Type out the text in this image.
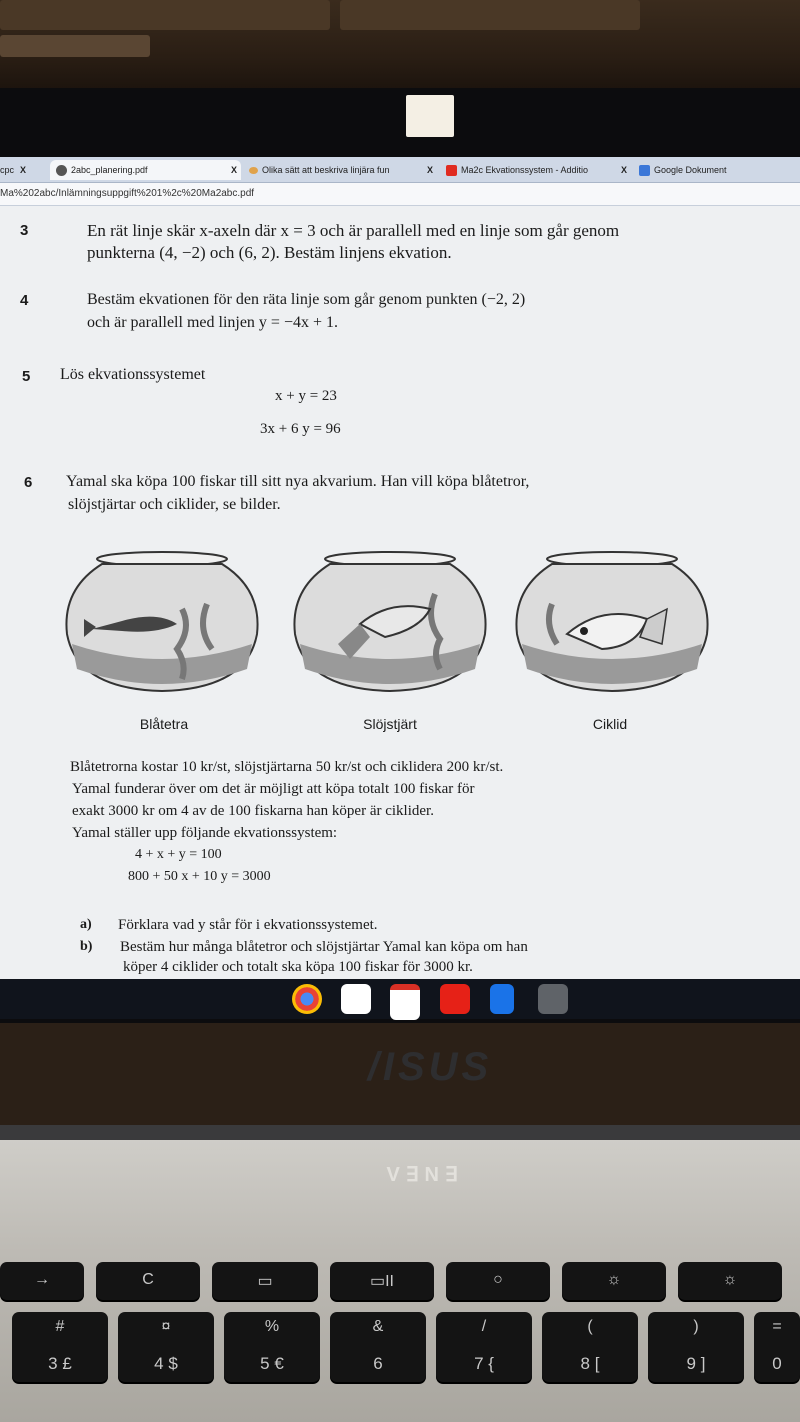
cpc X	2abc_planering.pdf	X	Olika sätt att beskriva linjära fun	X	Ma2c Ekvationssystem - Additio	X	Google Dokument
Ma%202abc/Inlämningsuppgift%201%2c%20Ma2abc.pdf
3	En rät linje skär x-axeln där x = 3 och är parallell med en linje som går genom
punkterna (4, −2) och (6, 2). Bestäm linjens ekvation.
4	Bestäm ekvationen för den räta linje som går genom punkten (−2, 2)
och är parallell med linjen y = −4x + 1.
5 Lös ekvationssystemet
x + y = 23
3x + 6 y = 96
6 Yamal ska köpa 100 fiskar till sitt nya akvarium. Han vill köpa blåtetror,
slöjstjärtar och ciklider, se bilder.
Blåtetra	Slöjstjärt	Ciklid
Blåtetrorna kostar 10 kr/st, slöjstjärtarna 50 kr/st och ciklidera 200 kr/st.
Yamal funderar över om det är möjligt att köpa totalt 100 fiskar för
exakt 3000 kr om 4 av de 100 fiskarna han köper är ciklider.
Yamal ställer upp följande ekvationssystem:
4 + x + y = 100
800 + 50 x + 10 y = 3000
a) Förklara vad y står för i ekvationssystemet.
b) Bestäm hur många blåtetror och slöjstjärtar Yamal kan köpa om han
köper 4 ciklider och totalt ska köpa 100 fiskar för 3000 kr.
/ISUS
V∃N∃
→	C	▭	▭II	○	☼	☼
#
3 £
¤
4 $
%
5 €
&
6
/
7 {
(
8 [
)
9 ]
=
0
